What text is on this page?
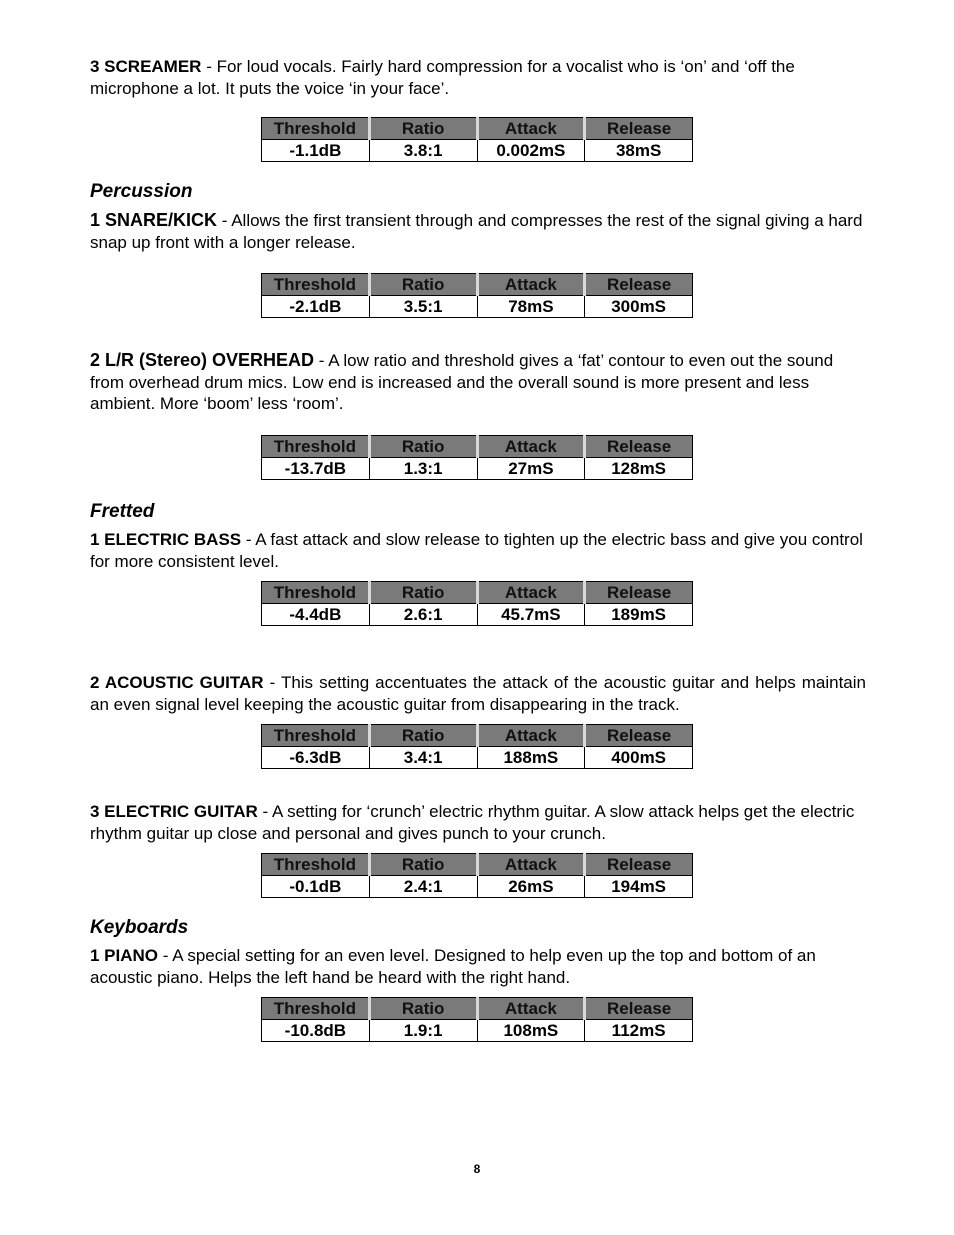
3 SCREAMER - For loud vocals. Fairly hard compression for a vocalist who is ‘on’ and ‘off the microphone a lot. It puts the voice ‘in your face’.

Threshold	Ratio	Attack	Release
-1.1dB	3.8:1	0.002mS	38mS

Percussion

1 SNARE/KICK - Allows the first transient through and compresses the rest of the signal giving a hard snap up front with a longer release.

Threshold	Ratio	Attack	Release
-2.1dB	3.5:1	78mS	300mS

2 L/R (Stereo) OVERHEAD - A low ratio and threshold gives a ‘fat’ contour to even out the sound from overhead drum mics. Low end is increased and the overall sound is more present and less ambient. More ‘boom’ less ‘room’.

Threshold	Ratio	Attack	Release
-13.7dB	1.3:1	27mS	128mS

Fretted

1 ELECTRIC BASS - A fast attack and slow release to tighten up the electric bass and give you control for more consistent level.

Threshold	Ratio	Attack	Release
-4.4dB	2.6:1	45.7mS	189mS

2 ACOUSTIC GUITAR - This setting accentuates the attack of the acoustic guitar and helps maintain an even signal level keeping the acoustic guitar from disappearing in the track.

Threshold	Ratio	Attack	Release
-6.3dB	3.4:1	188mS	400mS

3 ELECTRIC GUITAR - A setting for ‘crunch’ electric rhythm guitar. A slow attack helps get the electric rhythm guitar up close and personal and gives punch to your crunch.

Threshold	Ratio	Attack	Release
-0.1dB	2.4:1	26mS	194mS

Keyboards

1 PIANO - A special setting for an even level. Designed to help even up the top and bottom of an acoustic piano. Helps the left hand be heard with the right hand.

Threshold	Ratio	Attack	Release
-10.8dB	1.9:1	108mS	112mS
8
